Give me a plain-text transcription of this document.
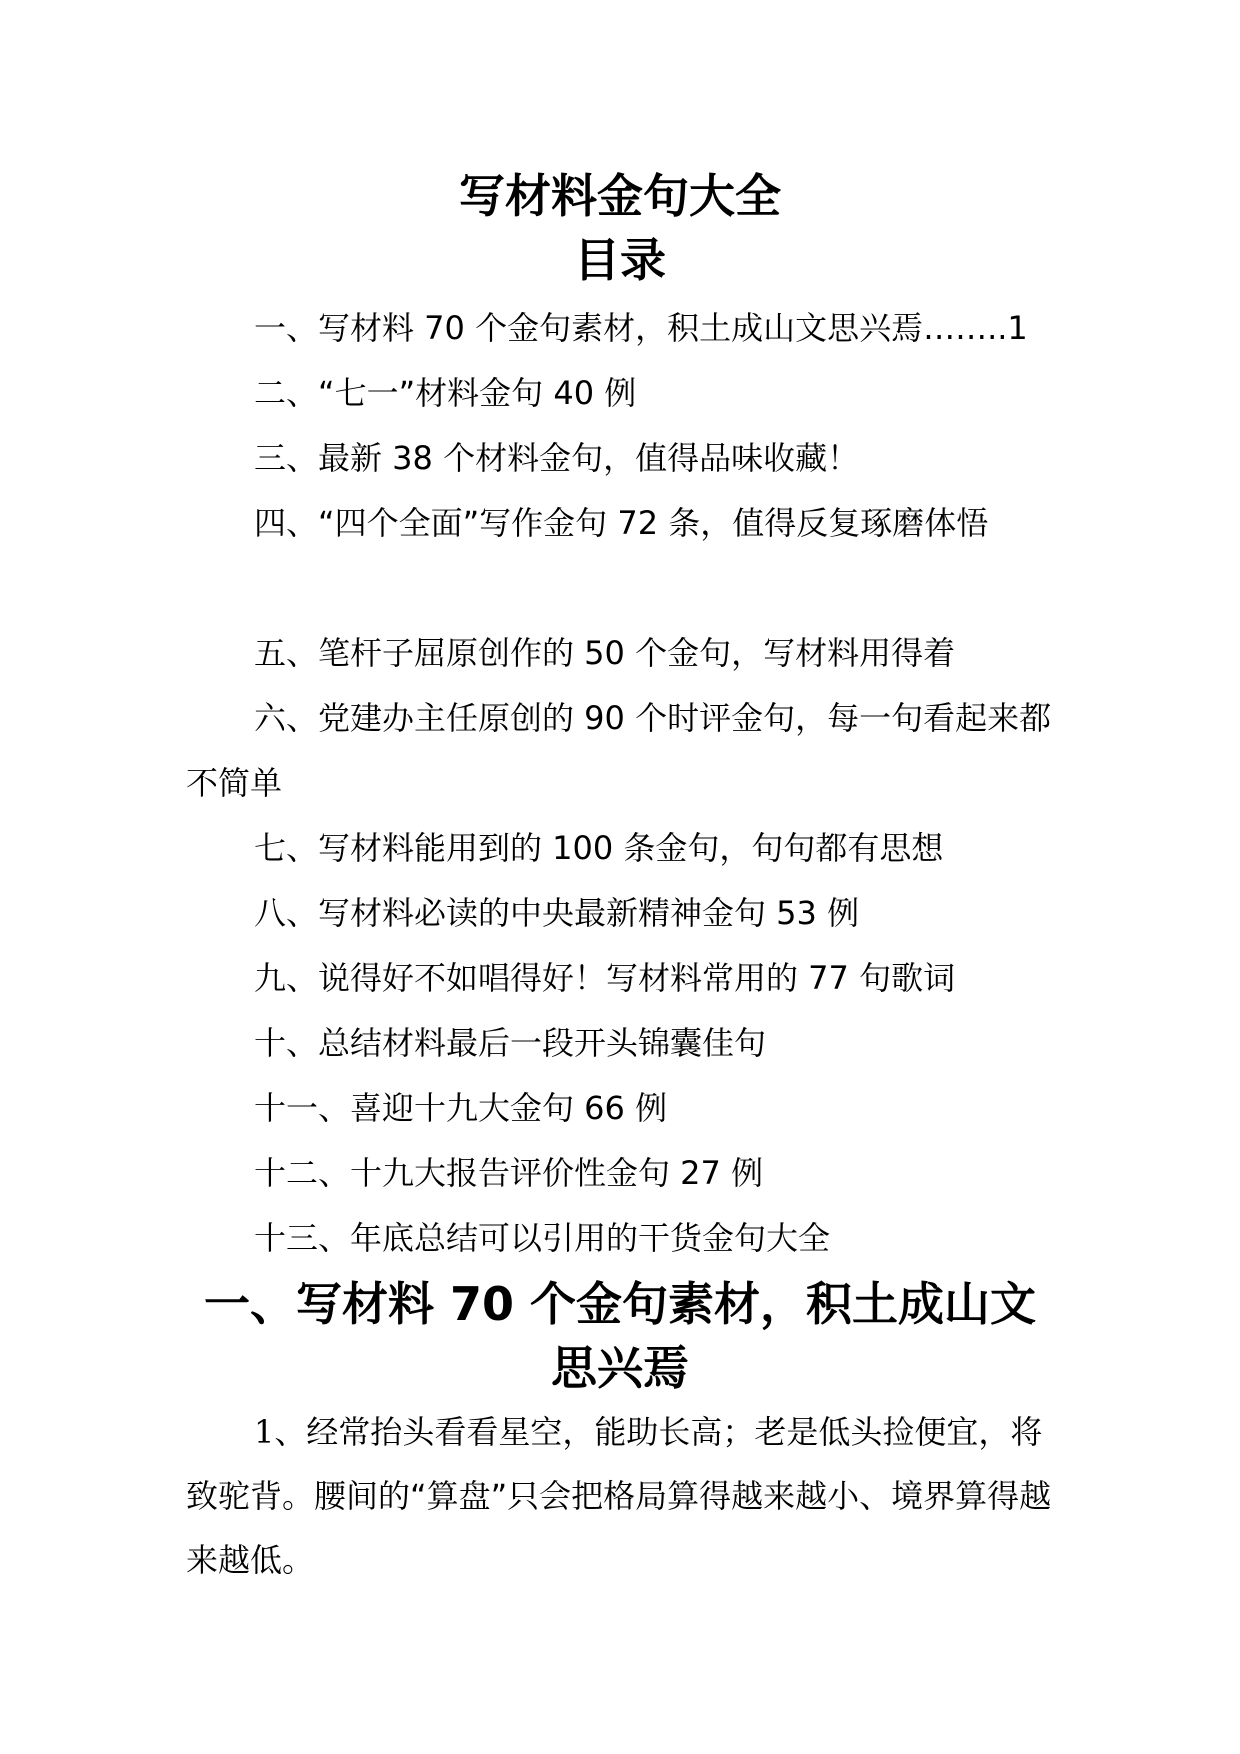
写材料金句大全
目录
一、写材料 70 个金句素材，积土成山文思兴焉……..1
二、“七一”材料金句 40 例
三、最新 38 个材料金句，值得品味收藏！
四、“四个全面”写作金句 72 条，值得反复琢磨体悟
五、笔杆子屈原创作的 50 个金句，写材料用得着
六、党建办主任原创的 90 个时评金句，每一句看起来都不简单
七、写材料能用到的 100 条金句，句句都有思想
八、写材料必读的中央最新精神金句 53 例
九、说得好不如唱得好！写材料常用的 77 句歌词
十、总结材料最后一段开头锦囊佳句
十一、喜迎十九大金句 66 例
十二、十九大报告评价性金句 27 例
十三、年底总结可以引用的干货金句大全
一、写材料 70 个金句素材，积土成山文思兴焉

1、经常抬头看看星空，能助长高；老是低头捡便宜，将致驼背。腰间的“算盘”只会把格局算得越来越小、境界算得越来越低。
